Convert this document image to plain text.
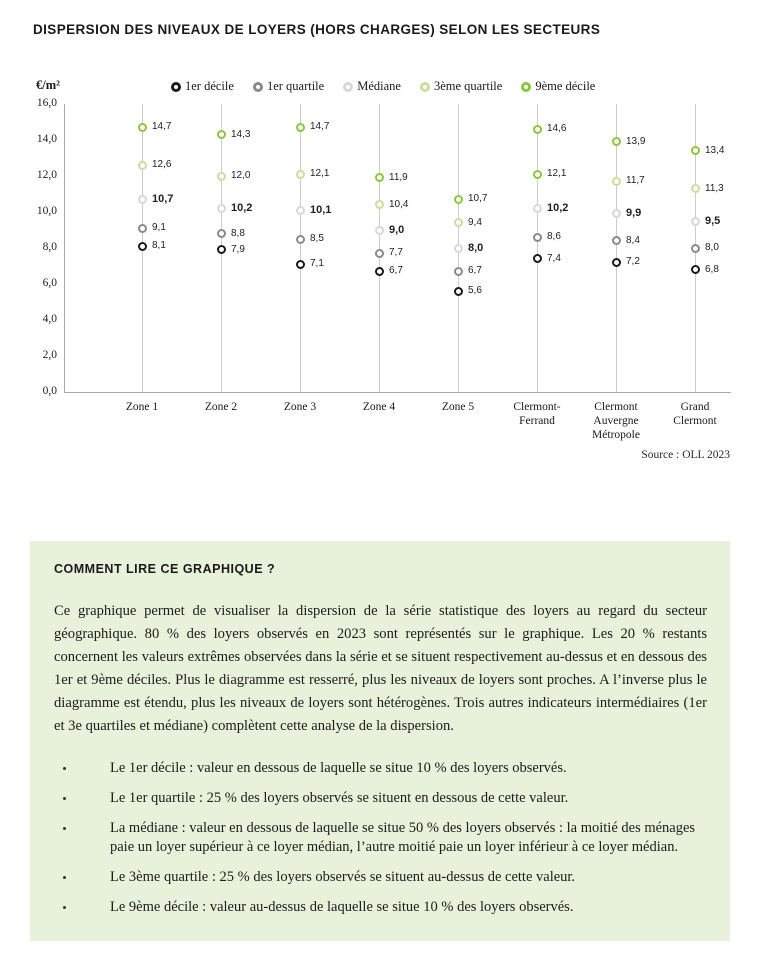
DISPERSION DES NIVEAUX DE LOYERS (HORS CHARGES) SELON LES SECTEURS
€/m²	1er décile	1er quartile	Médiane	3ème quartile	9ème décile
0,0
2,0
4,0
6,0
8,0
10,0
12,0
14,0
16,0
8,1	7,9
7,1
6,7
5,6
7,4	7,2
6,8
9,1	8,8	8,5
7,7
6,7
8,6	8,4
8,0
10,7
10,2	10,1
9,0
8,0
10,2	9,9
9,5
12,6
12,0	12,1
10,4
9,4
12,1
11,7
11,3
14,7
14,3
14,7
11,9
10,7
14,6
13,9
13,4
Zone 1	Zone 2	Zone 3	Zone 4	Zone 5	Clermont-
Ferrand
Clermont
Auvergne
Métropole
Grand
Clermont
Source : OLL 2023
COMMENT LIRE CE GRAPHIQUE ?
Ce graphique permet de visualiser la dispersion de la série statistique des loyers au regard du secteur géographique. 80 % des loyers observés en 2023 sont représentés sur le graphique. Les 20 % restants concernent les valeurs extrêmes observées dans la série et se situent respectivement au-dessus et en dessous des 1er et 9ème déciles. Plus le diagramme est resserré, plus les niveaux de loyers sont proches. A l’inverse plus le diagramme est étendu, plus les niveaux de loyers sont hétérogènes. Trois autres indicateurs intermédiaires (1er et 3e quartiles et médiane) complètent cette analyse de la dispersion.
Le 1er décile : valeur en dessous de laquelle se situe 10 % des loyers observés.
Le 1er quartile : 25 % des loyers observés se situent en dessous de cette valeur.
La médiane : valeur en dessous de laquelle se situe 50 % des loyers observés : la moitié des ménages paie un loyer supérieur à ce loyer médian, l’autre moitié paie un loyer inférieur à ce loyer médian.
Le 3ème quartile : 25 % des loyers observés se situent au-dessus de cette valeur.
Le 9ème décile : valeur au-dessus de laquelle se situe 10 % des loyers observés.
